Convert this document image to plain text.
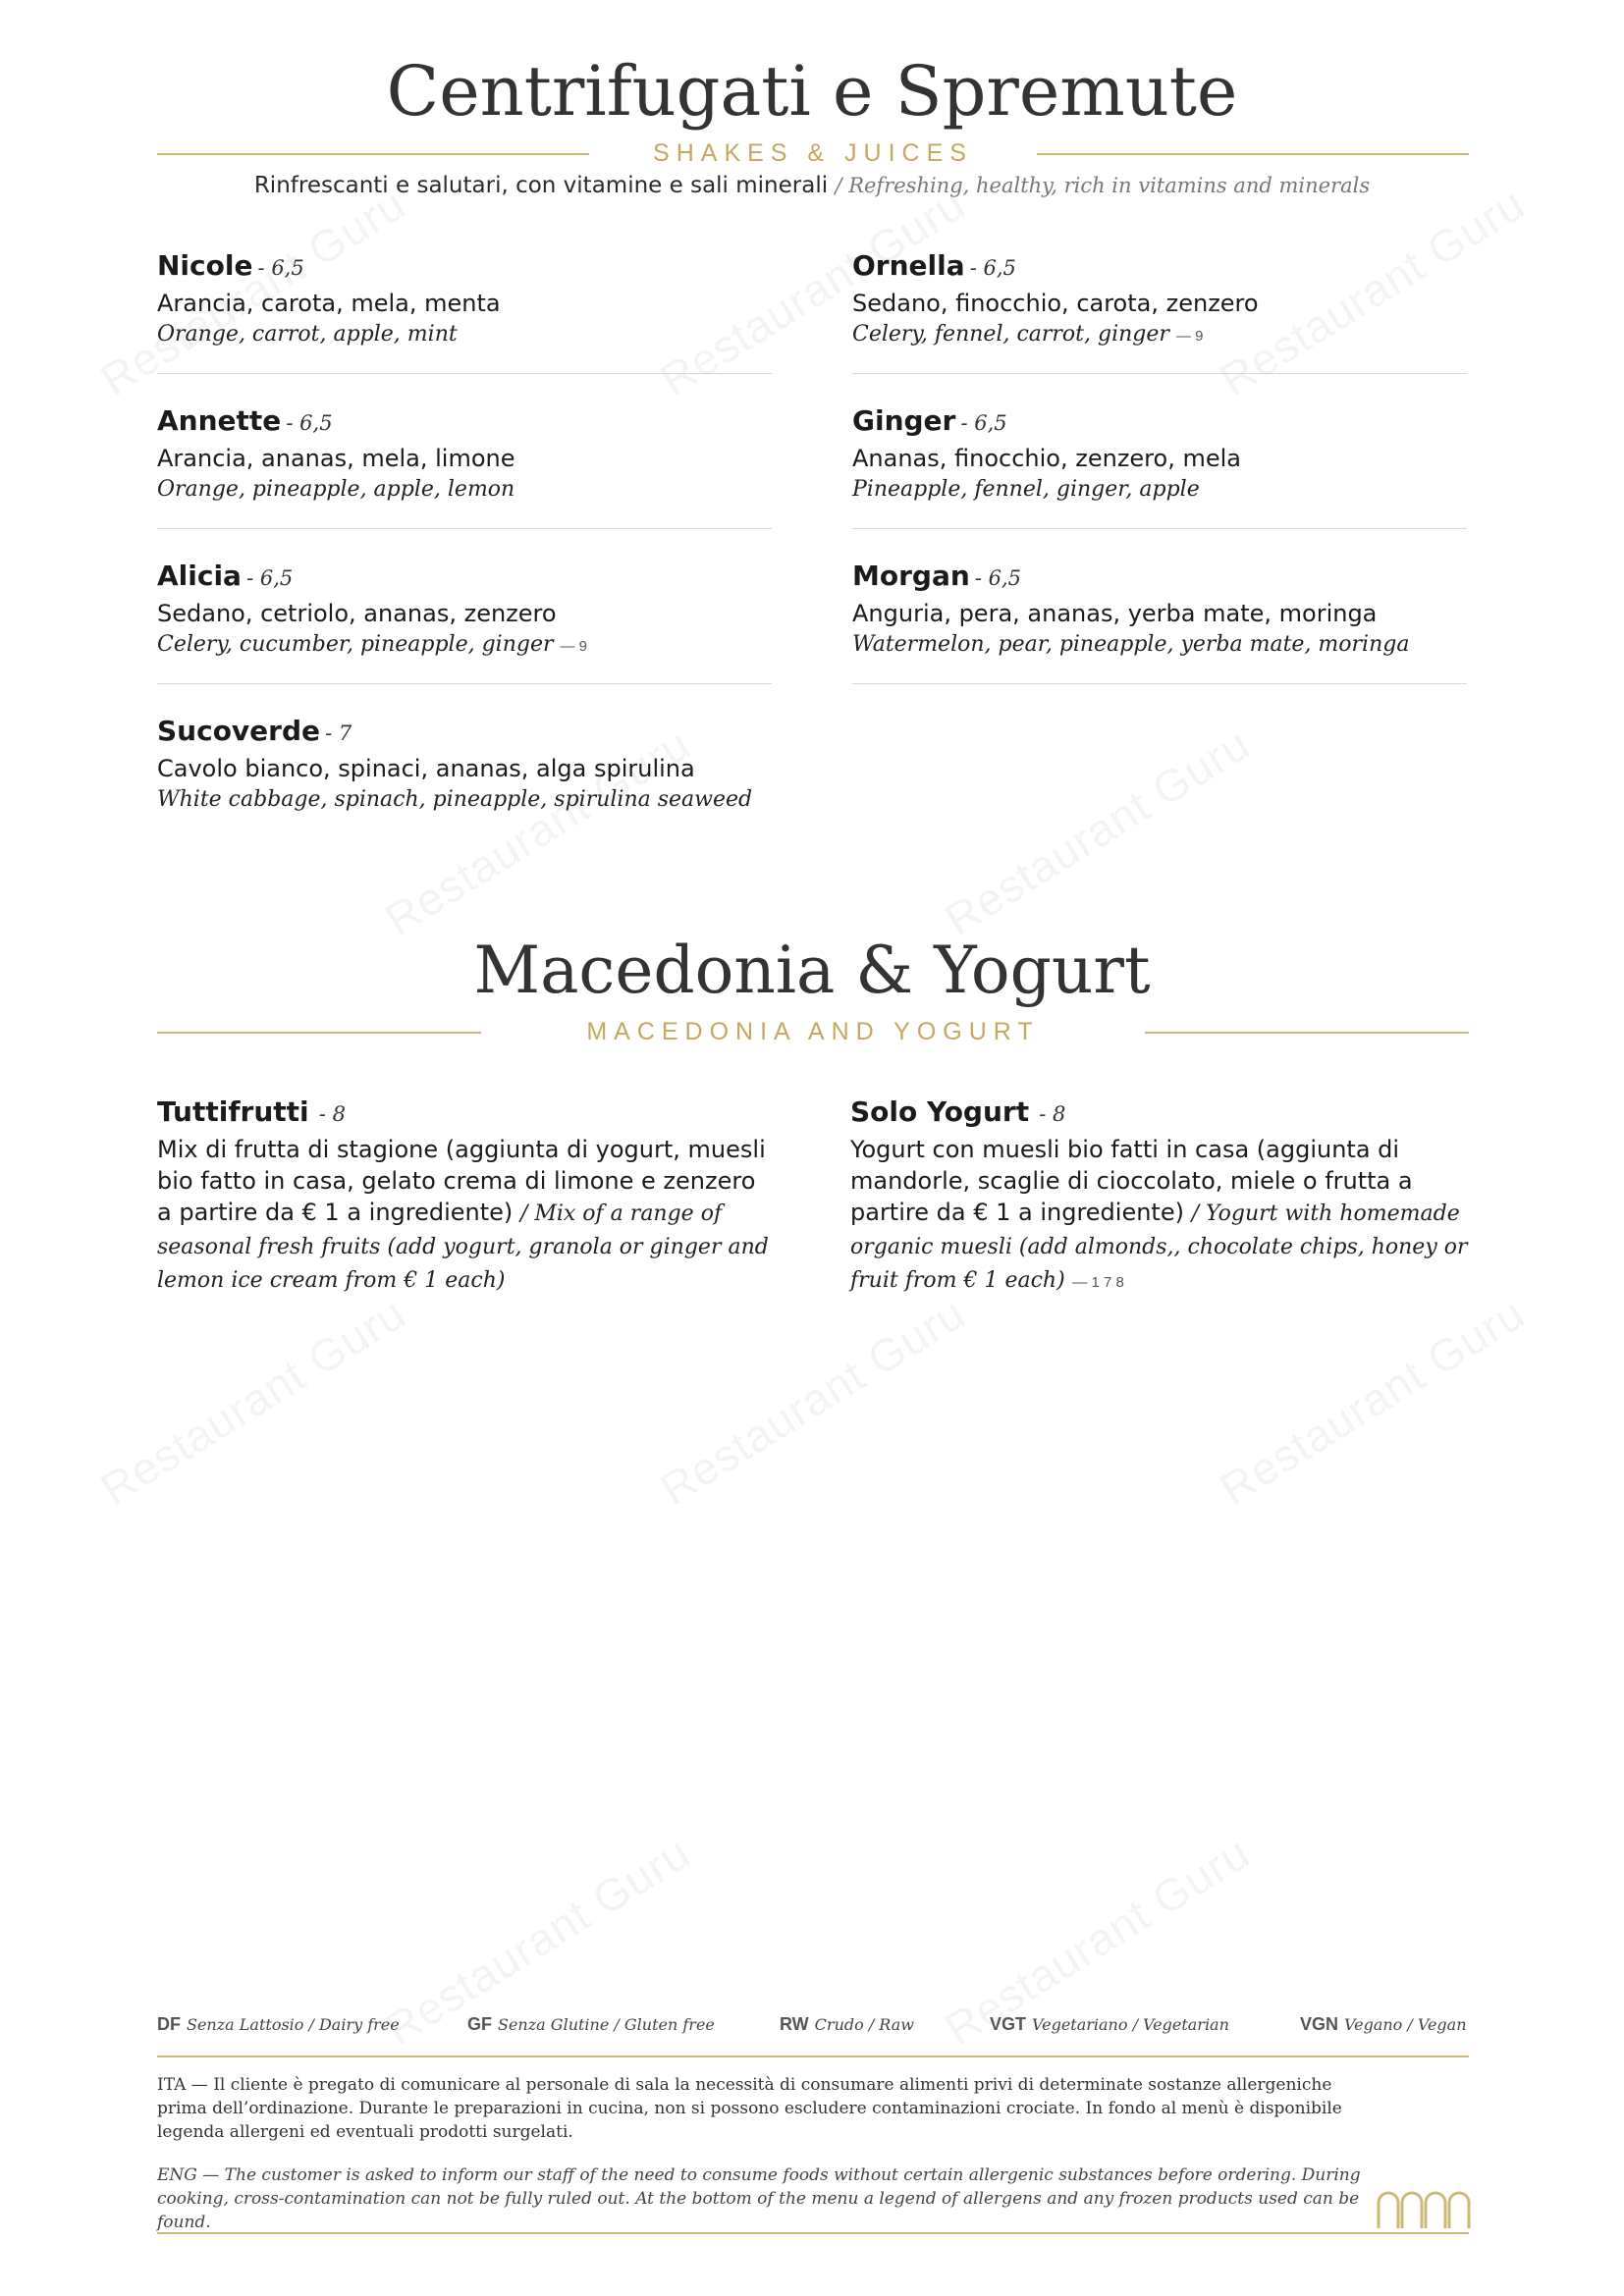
Centrifugati e Spremute
SHAKES & JUICES
Rinfrescanti e salutari, con vitamine e sali minerali / Refreshing, healthy, rich in vitamins and minerals
Nicole - 6,5
Arancia, carota, mela, menta
Orange, carrot, apple, mint
Ornella - 6,5
Sedano, finocchio, carota, zenzero
Celery, fennel, carrot, ginger — 9
Annette - 6,5
Arancia, ananas, mela, limone
Orange, pineapple, apple, lemon
Ginger - 6,5
Ananas, finocchio, zenzero, mela
Pineapple, fennel, ginger, apple
Alicia - 6,5
Sedano, cetriolo, ananas, zenzero
Celery, cucumber, pineapple, ginger — 9
Morgan - 6,5
Anguria, pera, ananas, yerba mate, moringa
Watermelon, pear, pineapple, yerba mate, moringa
Sucoverde - 7
Cavolo bianco, spinaci, ananas, alga spirulina
White cabbage, spinach, pineapple, spirulina seaweed
Macedonia & Yogurt
MACEDONIA AND YOGURT
Tuttifrutti - 8
Mix di frutta di stagione (aggiunta di yogurt, muesli bio fatto in casa, gelato crema di limone e zenzero a partire da € 1 a ingrediente) / Mix of a range of seasonal fresh fruits (add yogurt, granola or ginger and lemon ice cream from € 1 each)
Solo Yogurt - 8
Yogurt con muesli bio fatti in casa (aggiunta di mandorle, scaglie di cioccolato, miele o frutta a partire da € 1 a ingrediente) / Yogurt with homemade organic muesli (add almonds,, chocolate chips, honey or fruit from € 1 each) — 1 7 8
DF Senza Lattosio / Dairy free	GF Senza Glutine / Gluten free	RW Crudo / Raw	VGT Vegetariano / Vegetarian	VGN Vegano / Vegan
ITA — Il cliente è pregato di comunicare al personale di sala la necessità di consumare alimenti privi di determinate sostanze allergeniche prima dell’ordinazione. Durante le preparazioni in cucina, non si possono escludere contaminazioni crociate. In fondo al menù è disponibile legenda allergeni ed eventuali prodotti surgelati.
ENG — The customer is asked to inform our staff of the need to consume foods without certain allergenic substances before ordering. During cooking, cross-contamination can not be fully ruled out. At the bottom of the menu a legend of allergens and any frozen products used can be found.
